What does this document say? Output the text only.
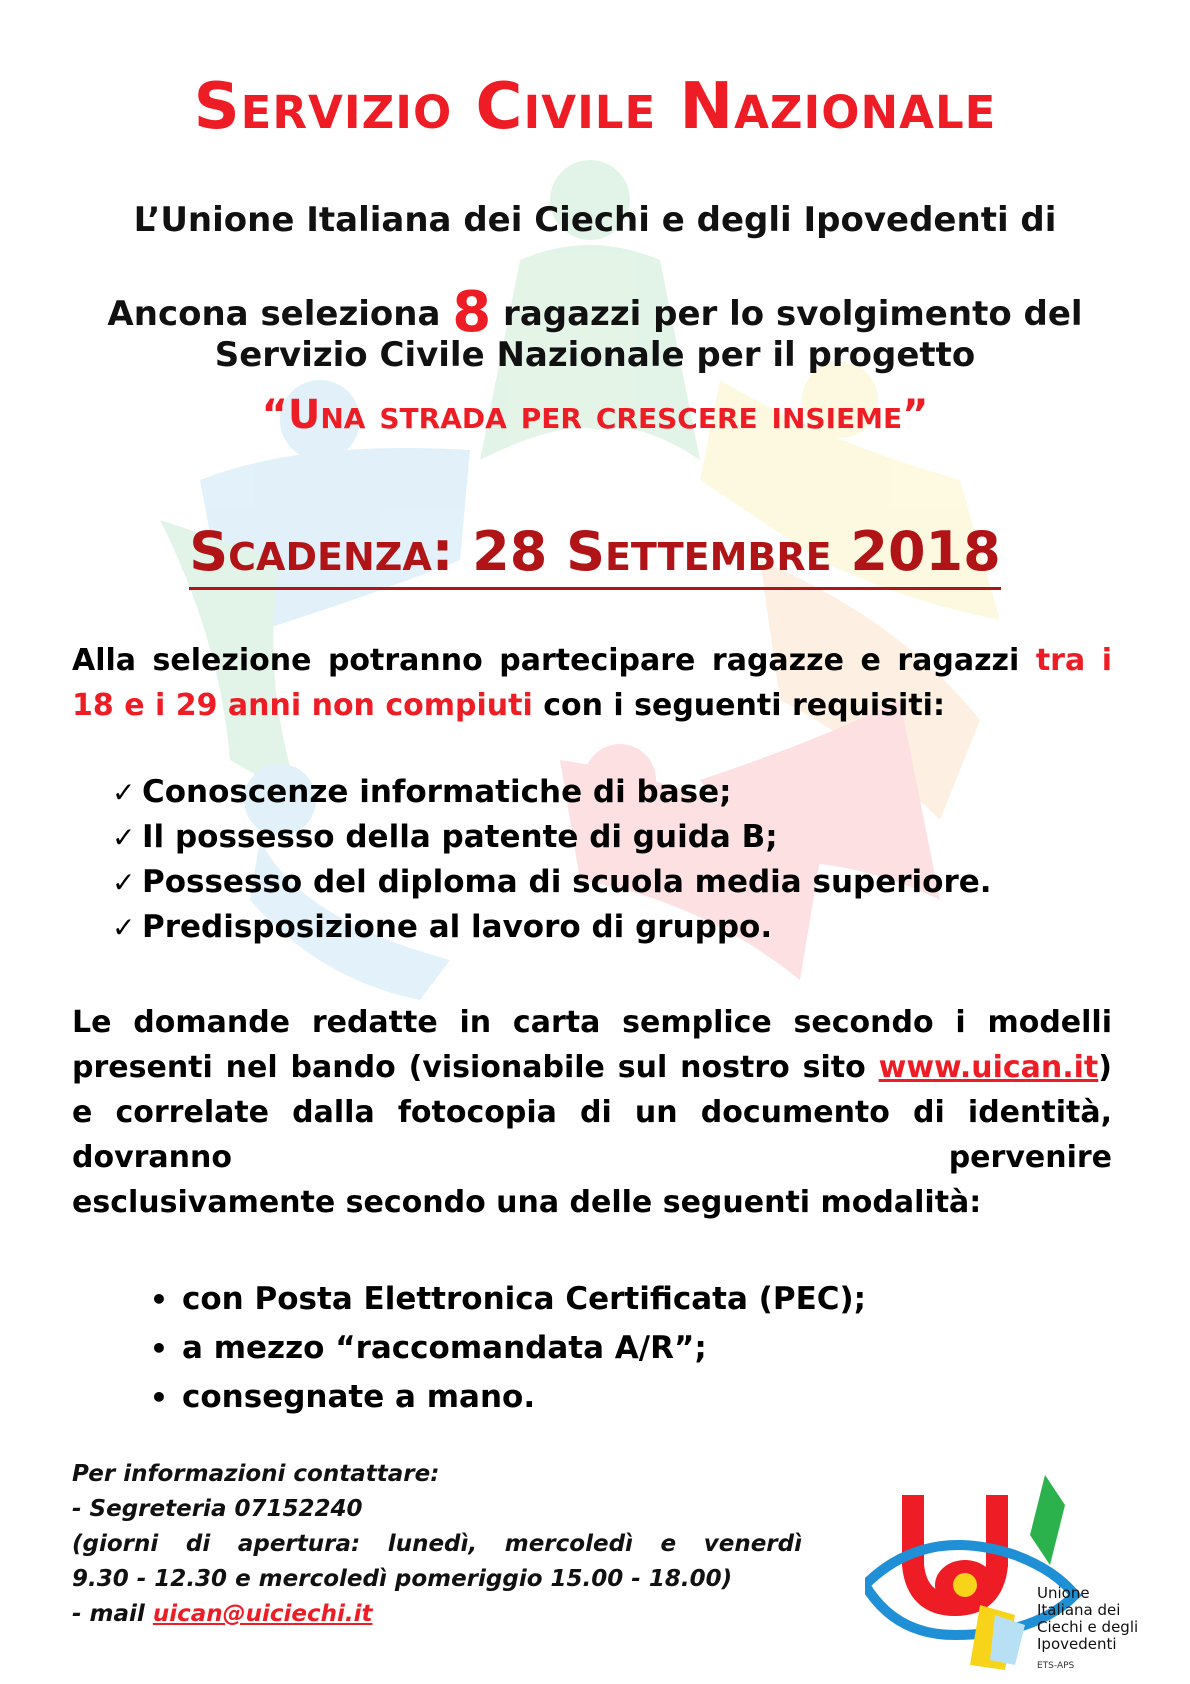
Servizio Civile Nazionale
L’Unione Italiana dei Ciechi e degli Ipovedenti di
Ancona seleziona 8 ragazzi per lo svolgimento del
Servizio Civile Nazionale per il progetto
“Una strada per crescere insieme”
Scadenza: 28 Settembre 2018
Alla selezione potranno partecipare ragazze e ragazzi tra i 18 e i 29 anni non compiuti con i seguenti requisiti:
✓ Conoscenze informatiche di base;
✓ Il possesso della patente di guida B;
✓ Possesso del diploma di scuola media superiore.
✓ Predisposizione al lavoro di gruppo.
Le domande redatte in carta semplice secondo i modelli presenti nel bando (visionabile sul nostro sito www.uican.it) e correlate dalla fotocopia di un documento di identità, dovranno pervenire
esclusivamente secondo una delle seguenti modalità:
• con Posta Elettronica Certificata (PEC);
• a mezzo “raccomandata A/R”;
• consegnate a mano.
Per informazioni contattare:
- Segreteria 07152240
(giorni di apertura: lunedì, mercoledì e venerdì
9.30 - 12.30 e mercoledì pomeriggio 15.00 - 18.00)
- mail uican@uiciechi.it
Unione
Italiana dei
Ciechi e degli
Ipovedenti
ETS-APS
